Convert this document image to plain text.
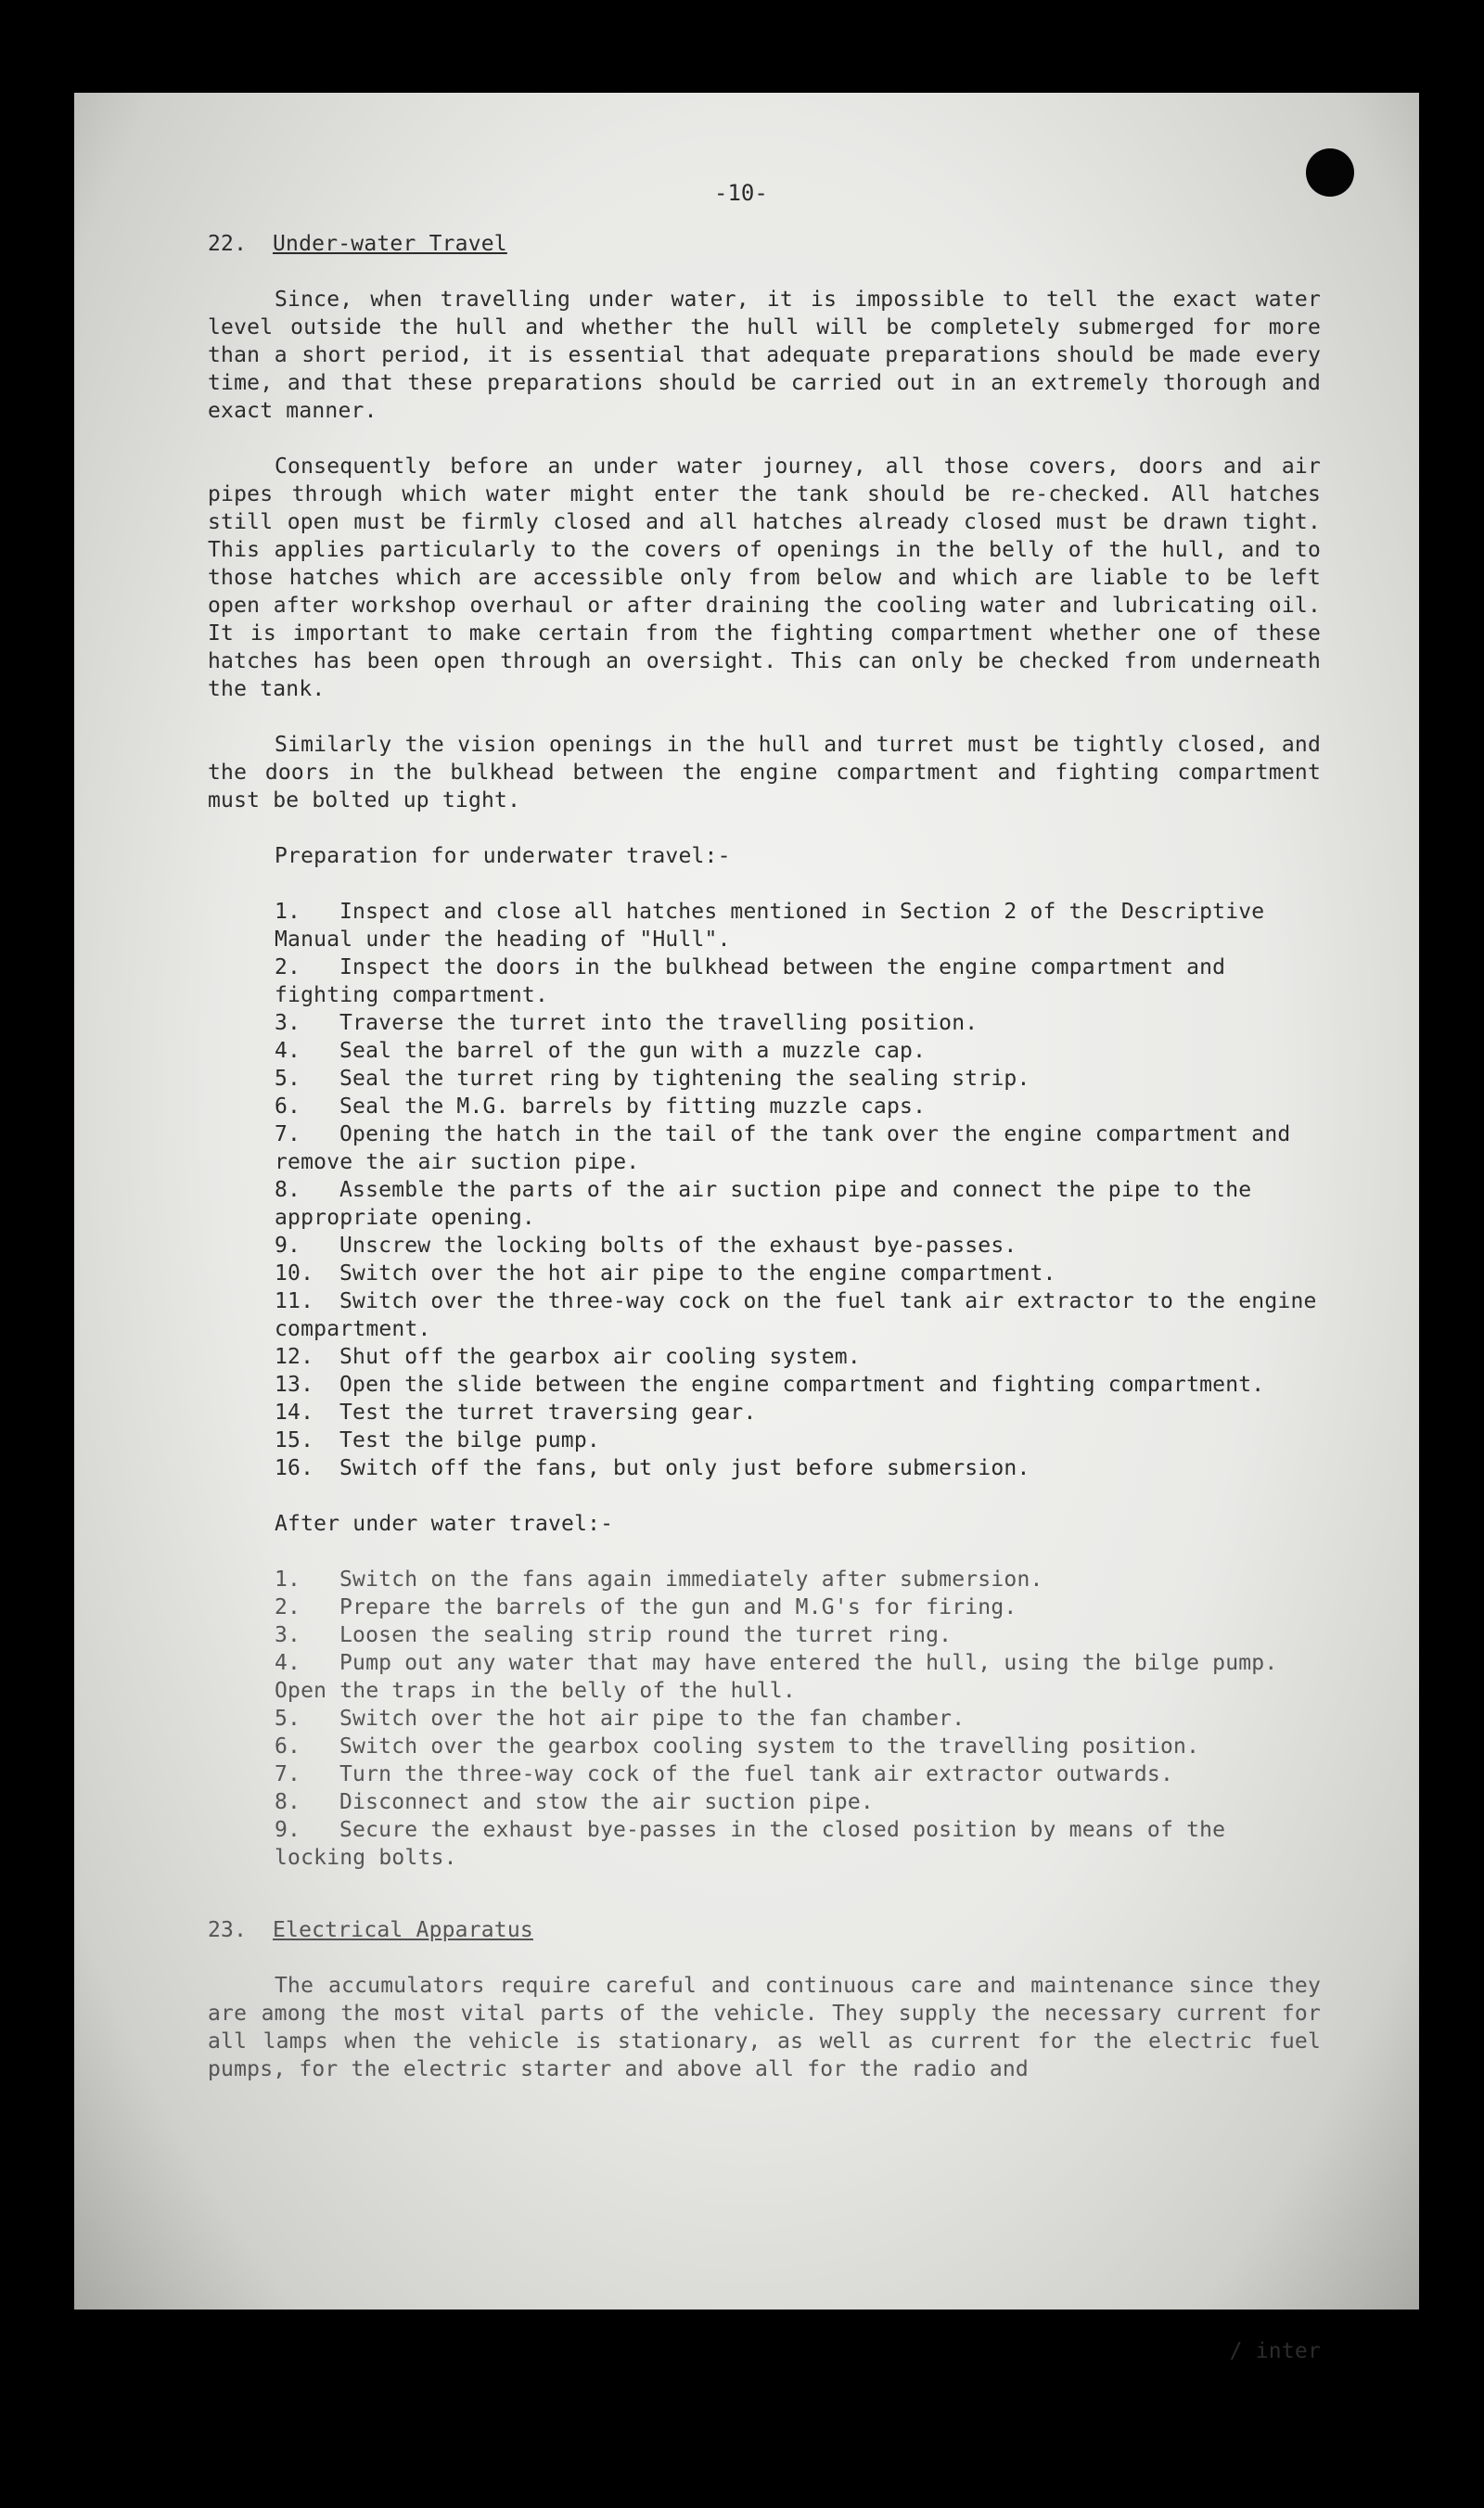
-10-
22. Under-water Travel

Since, when travelling under water, it is impossible to tell the exact water level outside the hull and whether the hull will be completely submerged for more than a short period, it is essential that adequate preparations should be made every time, and that these preparations should be carried out in an extremely thorough and exact manner.

Consequently before an under water journey, all those covers, doors and air pipes through which water might enter the tank should be re-checked. All hatches still open must be firmly closed and all hatches already closed must be drawn tight. This applies particularly to the covers of openings in the belly of the hull, and to those hatches which are accessible only from below and which are liable to be left open after workshop overhaul or after draining the cooling water and lubricating oil. It is important to make certain from the fighting compartment whether one of these hatches has been open through an oversight. This can only be checked from underneath the tank.

Similarly the vision openings in the hull and turret must be tightly closed, and the doors in the bulkhead between the engine compartment and fighting compartment must be bolted up tight.

Preparation for underwater travel:-

1. Inspect and close all hatches mentioned in Section 2 of the Descriptive Manual under the heading of "Hull".
2. Inspect the doors in the bulkhead between the engine compartment and fighting compartment.
3. Traverse the turret into the travelling position.
4. Seal the barrel of the gun with a muzzle cap.
5. Seal the turret ring by tightening the sealing strip.
6. Seal the M.G. barrels by fitting muzzle caps.
7. Opening the hatch in the tail of the tank over the engine compartment and remove the air suction pipe.
8. Assemble the parts of the air suction pipe and connect the pipe to the appropriate opening.
9. Unscrew the locking bolts of the exhaust bye-passes.
10. Switch over the hot air pipe to the engine compartment.
11. Switch over the three-way cock on the fuel tank air extractor to the engine compartment.
12. Shut off the gearbox air cooling system.
13. Open the slide between the engine compartment and fighting compartment.
14. Test the turret traversing gear.
15. Test the bilge pump.
16. Switch off the fans, but only just before submersion.

After under water travel:-

1. Switch on the fans again immediately after submersion.
2. Prepare the barrels of the gun and M.G's for firing.
3. Loosen the sealing strip round the turret ring.
4. Pump out any water that may have entered the hull, using the bilge pump. Open the traps in the belly of the hull.
5. Switch over the hot air pipe to the fan chamber.
6. Switch over the gearbox cooling system to the travelling position.
7. Turn the three-way cock of the fuel tank air extractor outwards.
8. Disconnect and stow the air suction pipe.
9. Secure the exhaust bye-passes in the closed position by means of the locking bolts.
23. Electrical Apparatus

The accumulators require careful and continuous care and maintenance since they are among the most vital parts of the vehicle. They supply the necessary current for all lamps when the vehicle is stationary, as well as current for the electric fuel pumps, for the electric starter and above all for the radio and

/ inter
